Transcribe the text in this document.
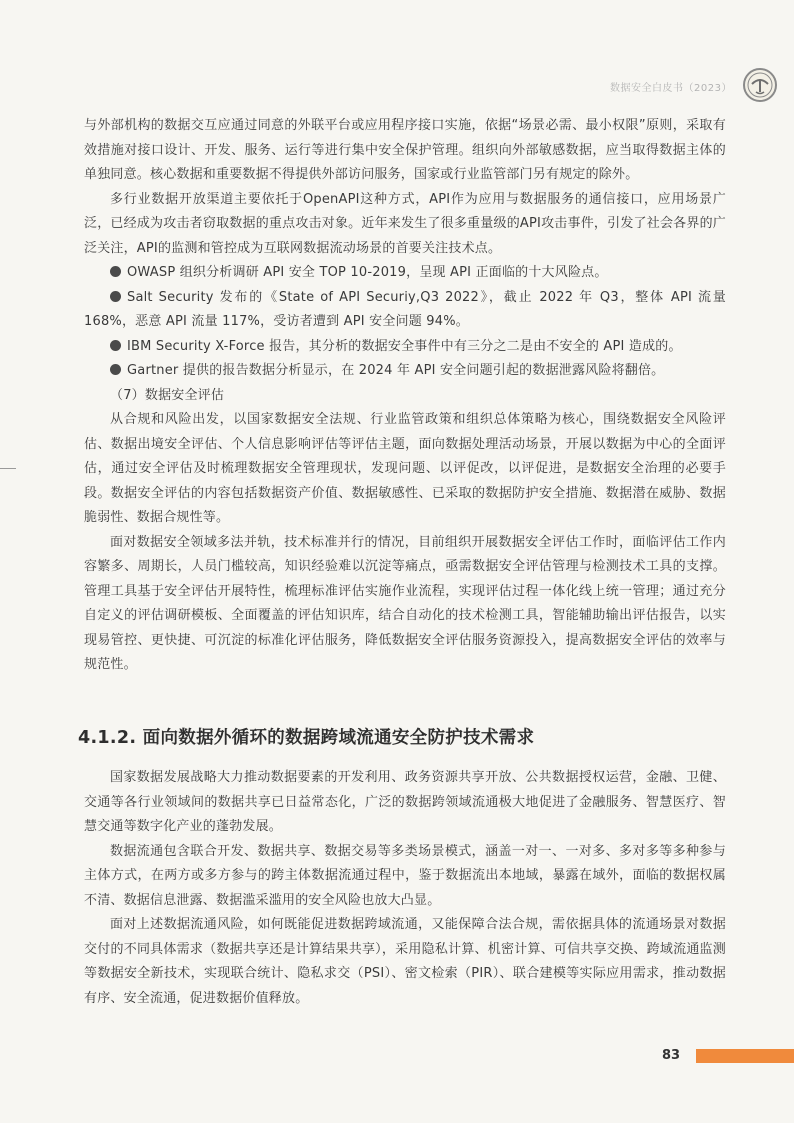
数据安全白皮书（2023）

与外部机构的数据交互应通过同意的外联平台或应用程序接口实施，依据“场景必需、最小权限”原则，采取有效措施对接口设计、开发、服务、运行等进行集中安全保护管理。组织向外部敏感数据，应当取得数据主体的单独同意。核心数据和重要数据不得提供外部访问服务，国家或行业监管部门另有规定的除外。

多行业数据开放渠道主要依托于OpenAPI这种方式，API作为应用与数据服务的通信接口，应用场景广泛，已经成为攻击者窃取数据的重点攻击对象。近年来发生了很多重量级的API攻击事件，引发了社会各界的广泛关注，API的监测和管控成为互联网数据流动场景的首要关注技术点。

OWASP 组织分析调研 API 安全 TOP 10-2019，呈现 API 正面临的十大风险点。

Salt Security 发布的《State of API Securiy,Q3 2022》，截止 2022 年 Q3，整体 API 流量 168%，恶意 API 流量 117%，受访者遭到 API 安全问题 94%。

IBM Security X-Force 报告，其分析的数据安全事件中有三分之二是由不安全的 API 造成的。

Gartner 提供的报告数据分析显示，在 2024 年 API 安全问题引起的数据泄露风险将翻倍。

（7）数据安全评估

从合规和风险出发，以国家数据安全法规、行业监管政策和组织总体策略为核心，围绕数据安全风险评估、数据出境安全评估、个人信息影响评估等评估主题，面向数据处理活动场景，开展以数据为中心的全面评估，通过安全评估及时梳理数据安全管理现状，发现问题、以评促改，以评促进，是数据安全治理的必要手段。数据安全评估的内容包括数据资产价值、数据敏感性、已采取的数据防护安全措施、数据潜在威胁、数据脆弱性、数据合规性等。

面对数据安全领域多法并轨，技术标准并行的情况，目前组织开展数据安全评估工作时，面临评估工作内容繁多、周期长，人员门槛较高，知识经验难以沉淀等痛点，亟需数据安全评估管理与检测技术工具的支撑。管理工具基于安全评估开展特性，梳理标准评估实施作业流程，实现评估过程一体化线上统一管理；通过充分自定义的评估调研模板、全面覆盖的评估知识库，结合自动化的技术检测工具，智能辅助输出评估报告，以实现易管控、更快捷、可沉淀的标准化评估服务，降低数据安全评估服务资源投入，提高数据安全评估的效率与规范性。

4.1.2. 面向数据外循环的数据跨域流通安全防护技术需求

国家数据发展战略大力推动数据要素的开发利用、政务资源共享开放、公共数据授权运营，金融、卫健、交通等各行业领域间的数据共享已日益常态化，广泛的数据跨领域流通极大地促进了金融服务、智慧医疗、智慧交通等数字化产业的蓬勃发展。

数据流通包含联合开发、数据共享、数据交易等多类场景模式，涵盖一对一、一对多、多对多等多种参与主体方式，在两方或多方参与的跨主体数据流通过程中，鉴于数据流出本地域，暴露在域外，面临的数据权属不清、数据信息泄露、数据滥采滥用的安全风险也放大凸显。

面对上述数据流通风险，如何既能促进数据跨域流通，又能保障合法合规，需依据具体的流通场景对数据交付的不同具体需求（数据共享还是计算结果共享），采用隐私计算、机密计算、可信共享交换、跨域流通监测等数据安全新技术，实现联合统计、隐私求交（PSI）、密文检索（PIR）、联合建模等实际应用需求，推动数据有序、安全流通，促进数据价值释放。

83
